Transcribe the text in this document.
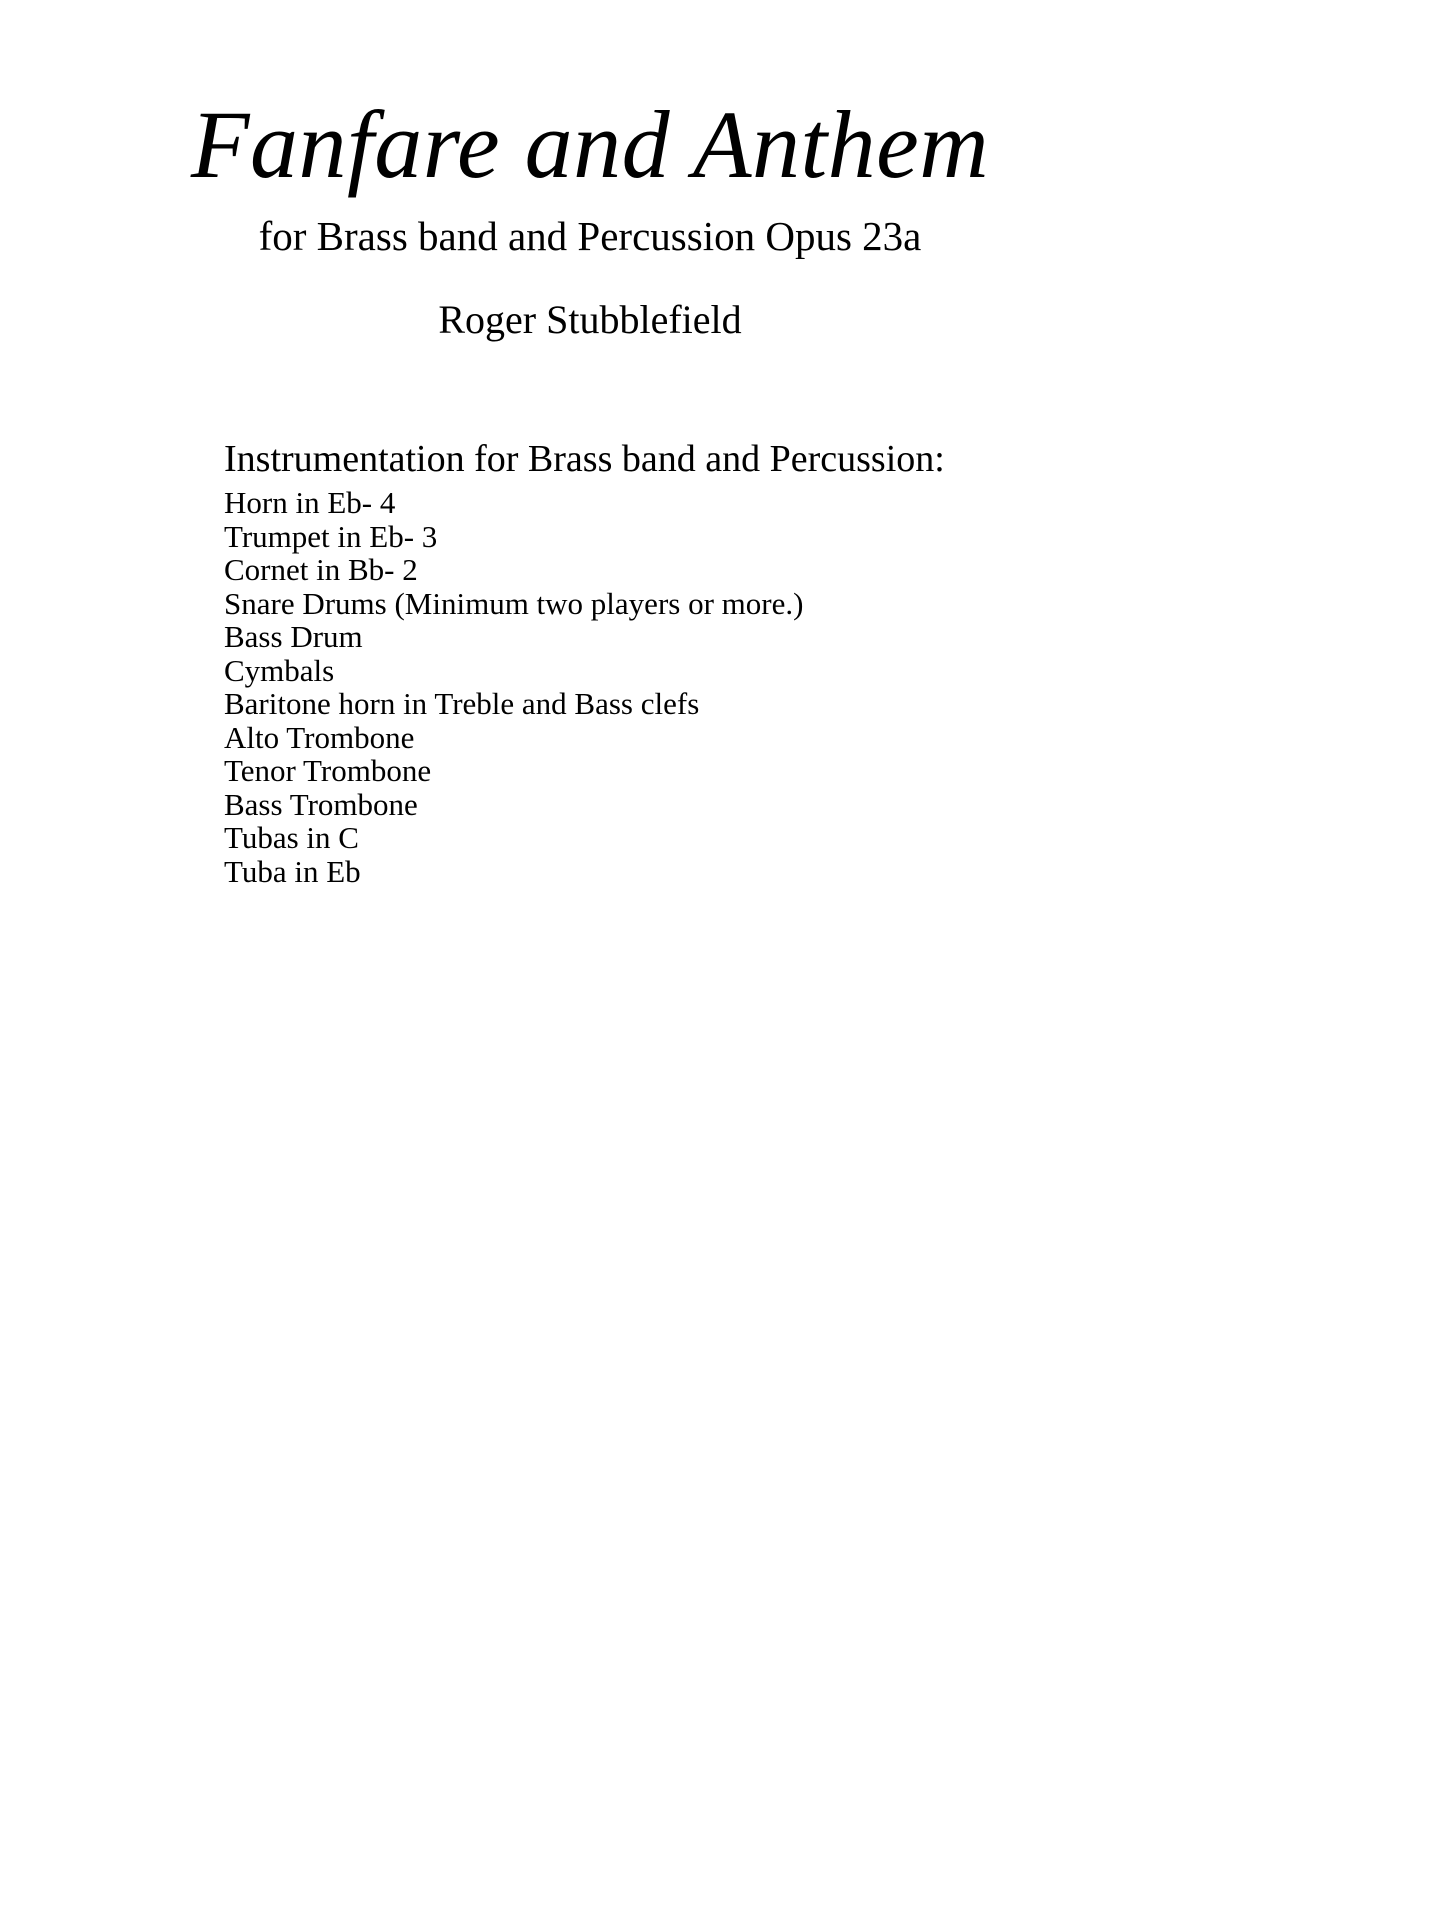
Fanfare and Anthem

for Brass band and Percussion Opus 23a

Roger Stubblefield
Instrumentation for Brass band and Percussion:
Horn in Eb- 4
Trumpet in Eb- 3
Cornet in Bb- 2
Snare Drums (Minimum two players or more.)
Bass Drum
Cymbals
Baritone horn in Treble and Bass clefs
Alto Trombone
Tenor Trombone
Bass Trombone
Tubas in C
Tuba in Eb
